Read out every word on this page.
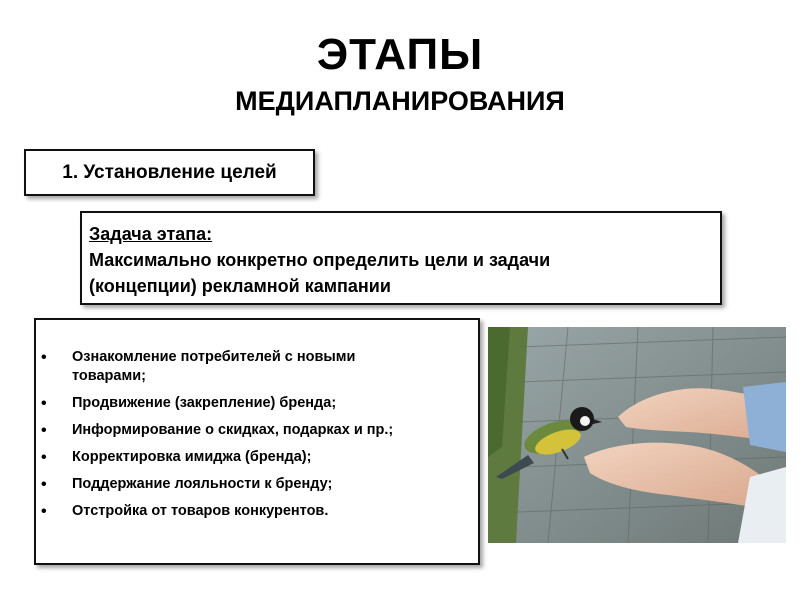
ЭТАПЫ
МЕДИАПЛАНИРОВАНИЯ
1. Установление целей
Задача этапа:
Максимально конкретно определить цели и задачи
(концепции) рекламной кампании
• Ознакомление потребителей с новыми товарами;
• Продвижение (закрепление) бренда;
• Информирование о скидках, подарках и пр.;
• Корректировка имиджа (бренда);
• Поддержание лояльности к бренду;
• Отстройка от товаров конкурентов.
